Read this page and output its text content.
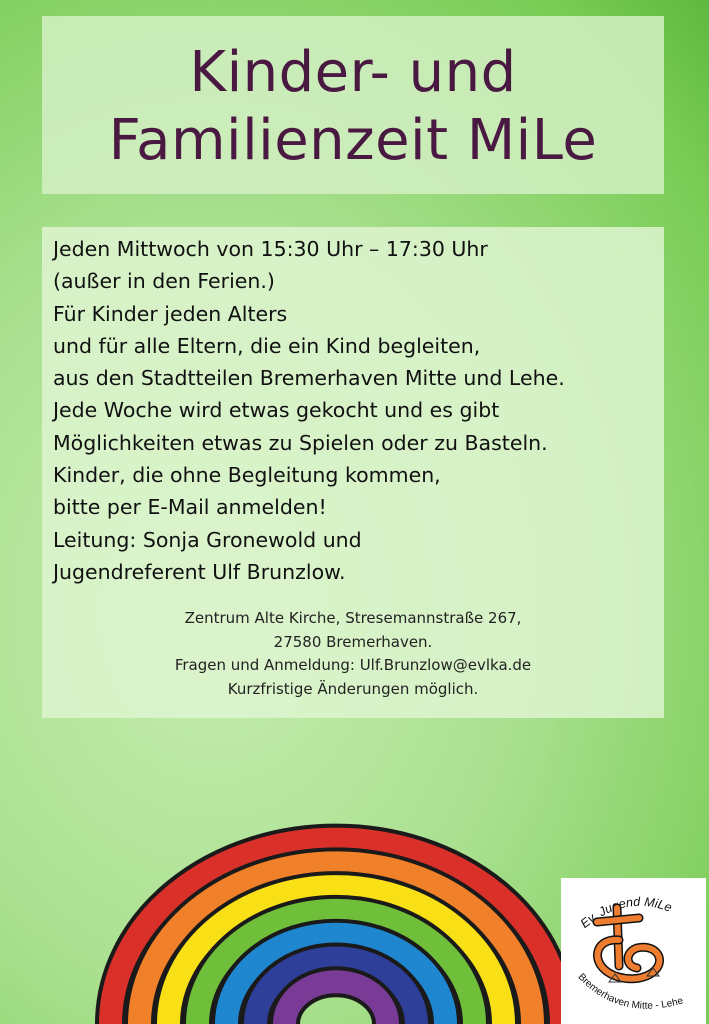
Kinder- und
Familienzeit MiLe
Jeden Mittwoch von 15:30 Uhr – 17:30 Uhr
(außer in den Ferien.)
Für Kinder jeden Alters
und für alle Eltern, die ein Kind begleiten,
aus den Stadtteilen Bremerhaven Mitte und Lehe.
Jede Woche wird etwas gekocht und es gibt
Möglichkeiten etwas zu Spielen oder zu Basteln.
Kinder, die ohne Begleitung kommen,
bitte per E-Mail anmelden!
Leitung: Sonja Gronewold und
Jugendreferent Ulf Brunzlow.
Zentrum Alte Kirche, Stresemannstraße 267,
27580 Bremerhaven.
Fragen und Anmeldung: Ulf.Brunzlow@evlka.de
Kurzfristige Änderungen möglich.
Ev. Jugend MiLe
Bremerhaven Mitte - Lehe
